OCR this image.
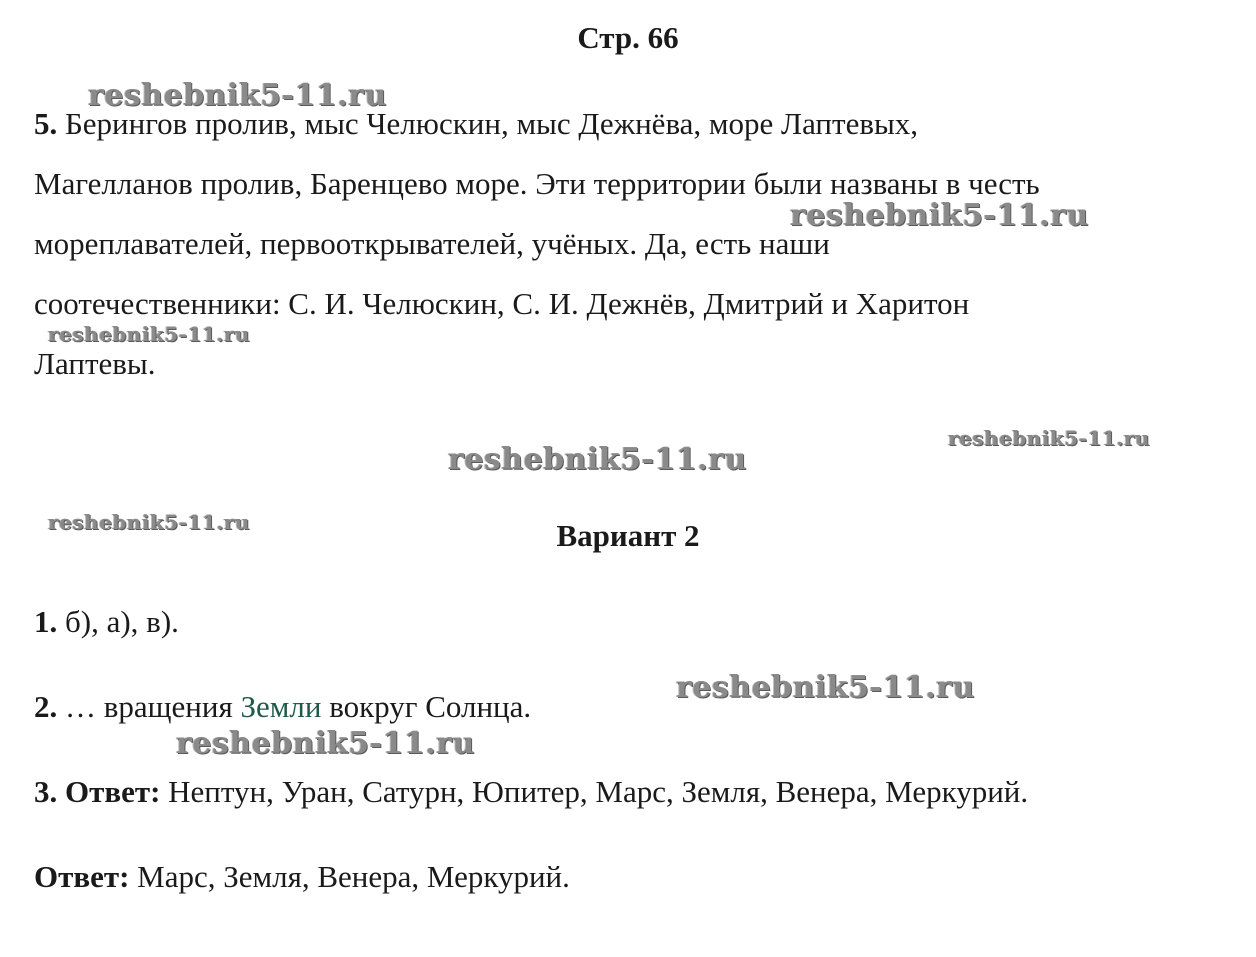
Стр. 66

5. Берингов пролив, мыс Челюскин, мыс Дежнёва, море Лаптевых,

Магелланов пролив, Баренцево море. Эти территории были названы в честь

мореплавателей, первооткрывателей, учёных. Да, есть наши

соотечественники: С. И. Челюскин, С. И. Дежнёв, Дмитрий и Харитон

Лаптевы.

Вариант 2

1. б), а), в).

2. … вращения Земли вокруг Солнца.

3. Ответ: Нептун, Уран, Сатурн, Юпитер, Марс, Земля, Венера, Меркурий.

Ответ: Марс, Земля, Венера, Меркурий.

reshebnik5-11.ru
reshebnik5-11.ru
reshebnik5-11.ru
reshebnik5-11.ru
reshebnik5-11.ru
reshebnik5-11.ru
reshebnik5-11.ru
reshebnik5-11.ru
